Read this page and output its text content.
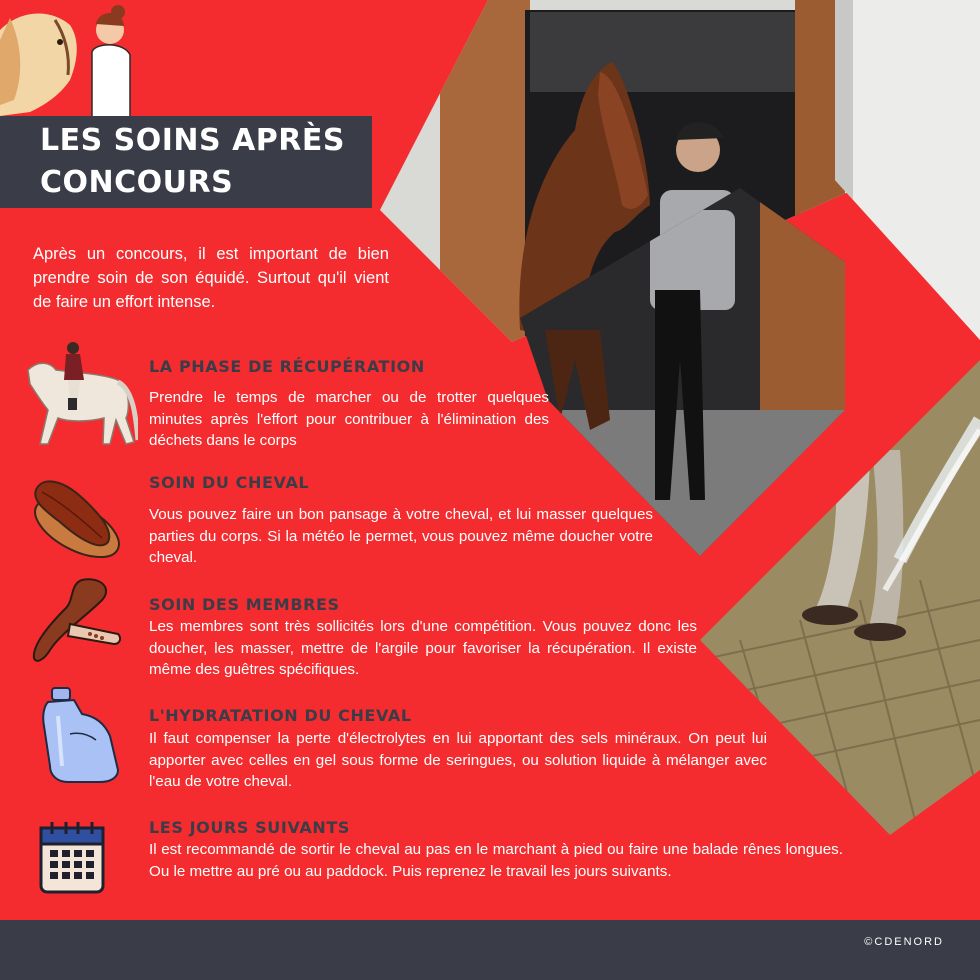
LES SOINS APRÈS
CONCOURS

Après un concours, il est important de bien prendre soin de son équidé. Surtout qu'il vient de faire un effort intense.

LA PHASE DE RÉCUPÉRATION

Prendre le temps de marcher ou de trotter quelques minutes après l'effort pour contribuer à l'élimination des déchets dans le corps

SOIN DU CHEVAL

Vous pouvez faire un bon pansage à votre cheval, et lui masser quelques parties du corps. Si la météo le permet, vous pouvez même doucher votre cheval.

SOIN DES MEMBRES

Les membres sont très sollicités lors d'une compétition. Vous pouvez donc les doucher, les masser, mettre de l'argile pour favoriser la récupération. Il existe même des guêtres spécifiques.

L'HYDRATATION DU CHEVAL

Il faut compenser la perte d'électrolytes en lui apportant des sels minéraux. On peut lui apporter avec celles en gel sous forme de seringues, ou solution liquide à mélanger avec l'eau de votre cheval.

LES JOURS SUIVANTS

Il est recommandé de sortir le cheval au pas en le marchant à pied ou faire une balade rênes longues. Ou le mettre au pré ou au paddock. Puis reprenez le travail les jours suivants.

©CDENORD
